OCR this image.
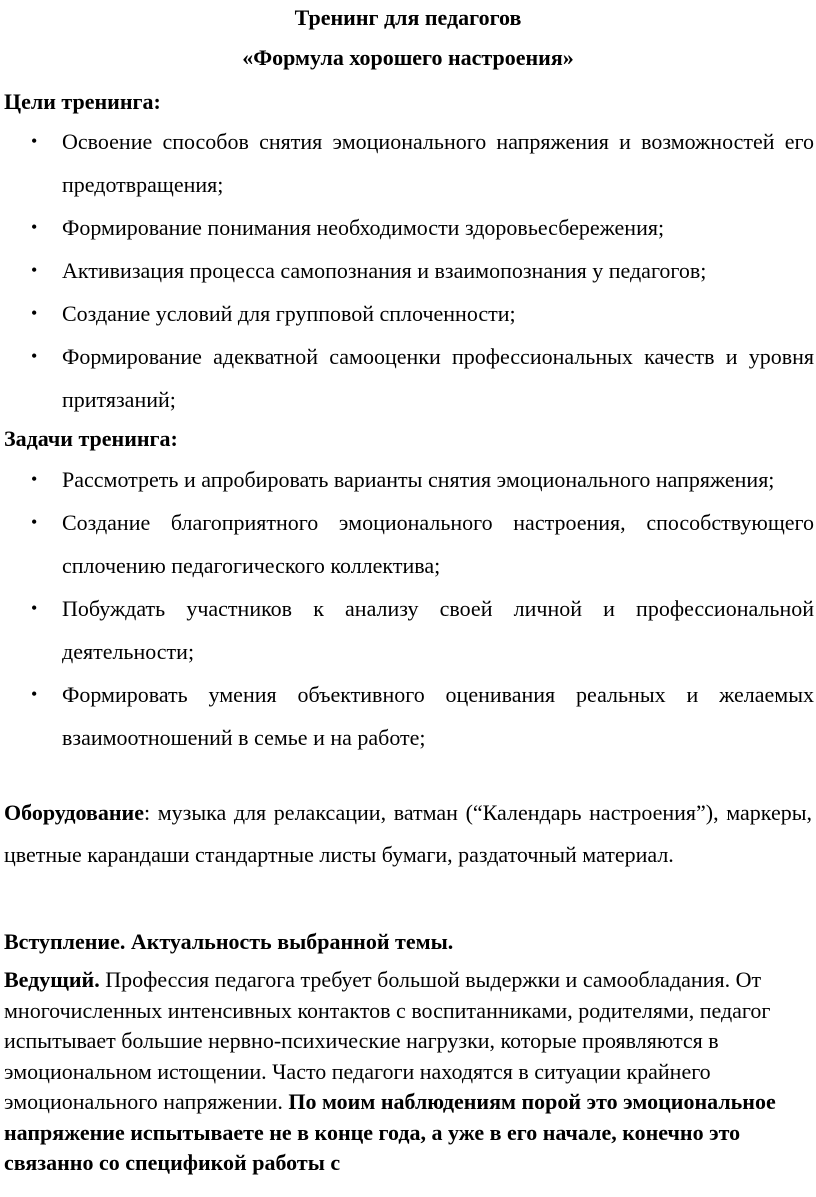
Тренинг для педагогов
«Формула хорошего настроения»
Цели тренинга:
• Освоение способов снятия эмоционального напряжения и возможностей его предотвращения;
• Формирование понимания необходимости здоровьесбережения;
• Активизация процесса самопознания и взаимопознания у педагогов;
• Создание условий для групповой сплоченности;
• Формирование адекватной самооценки профессиональных качеств и уровня притязаний;
Задачи тренинга:
• Рассмотреть и апробировать варианты снятия эмоционального напряжения;
• Создание благоприятного эмоционального настроения, способствующего сплочению педагогического коллектива;
• Побуждать участников к анализу своей личной и профессиональной деятельности;
• Формировать умения объективного оценивания реальных и желаемых взаимоотношений в семье и на работе;
Оборудование: музыка для релаксации, ватман (“Календарь настроения”), маркеры, цветные карандаши стандартные листы бумаги, раздаточный материал.
Вступление. Актуальность выбранной темы.
Ведущий. Профессия педагога требует большой выдержки и самообладания. От многочисленных интенсивных контактов с воспитанниками, родителями, педагог испытывает большие нервно-психические нагрузки, которые проявляются в эмоциональном истощении. Часто педагоги находятся в ситуации крайнего эмоционального напряжении. По моим наблюдениям порой это эмоциональное напряжение испытываете не в конце года, а уже в его начале, конечно это связанно со спецификой работы с
